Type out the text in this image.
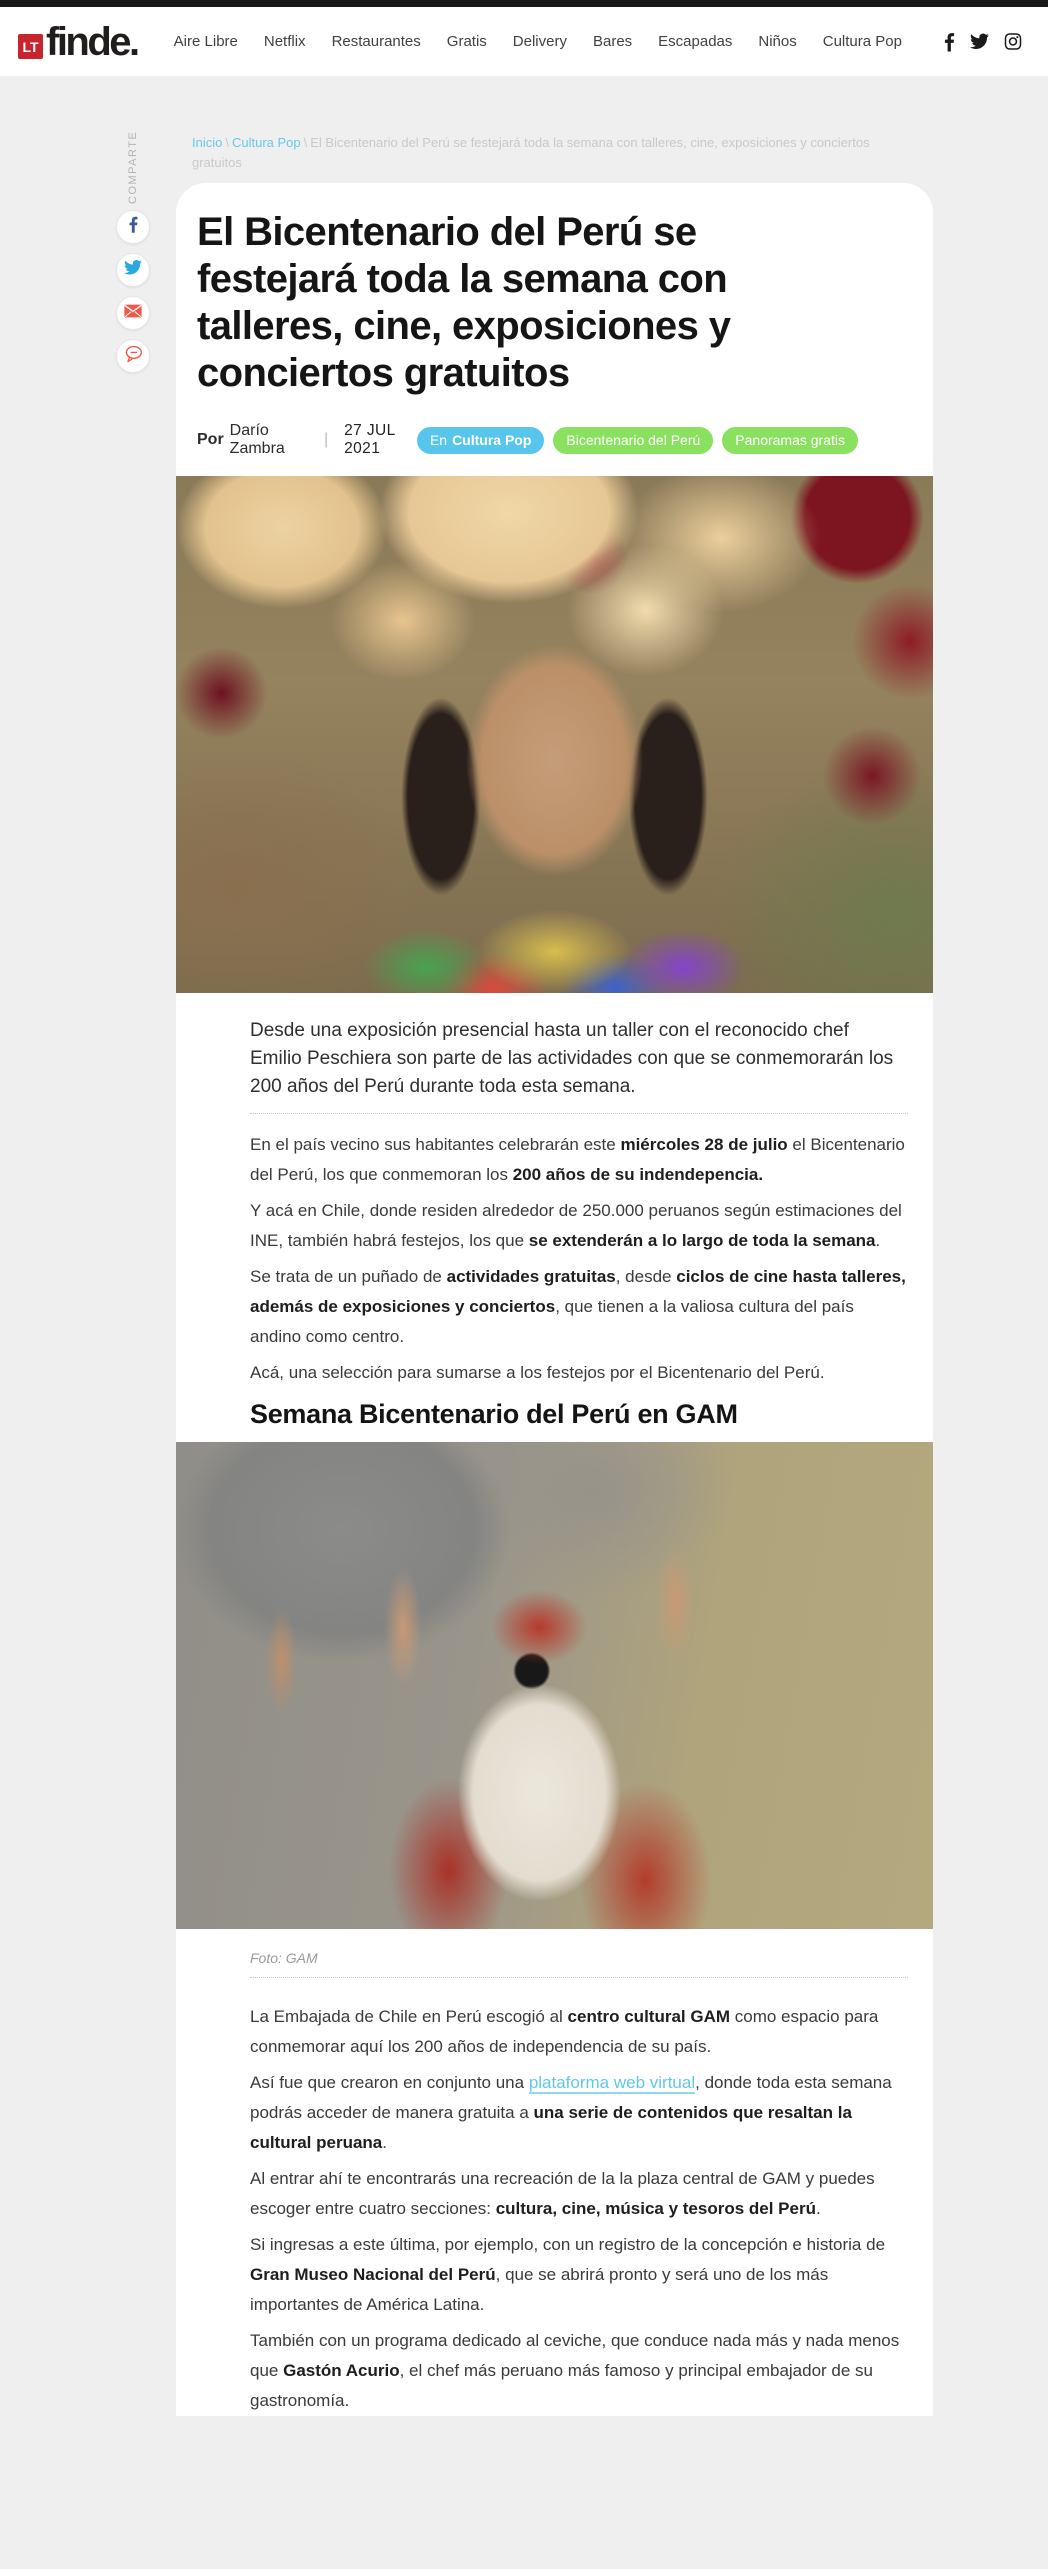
LT finde. Aire Libre Netflix Restaurantes Gratis Delivery Bares Escapadas Niños Cultura Pop
Inicio \ Cultura Pop \ El Bicentenario del Perú se festejará toda la semana con talleres, cine, exposiciones y conciertos gratuitos
COMPARTE
El Bicentenario del Perú se festejará toda la semana con talleres, cine, exposiciones y conciertos gratuitos
Por
Darío Zambra
|
27 JUL 2021	En Cultura Pop	Bicentenario del Perú	Panoramas gratis

Desde una exposición presencial hasta un taller con el reconocido chef Emilio Peschiera son parte de las actividades con que se conmemorarán los 200 años del Perú durante toda esta semana.

En el país vecino sus habitantes celebrarán este miércoles 28 de julio el Bicentenario del Perú, los que conmemoran los 200 años de su indendepencia.

Y acá en Chile, donde residen alrededor de 250.000 peruanos según estimaciones del INE, también habrá festejos, los que se extenderán a lo largo de toda la semana.

Se trata de un puñado de actividades gratuitas, desde ciclos de cine hasta talleres, además de exposiciones y conciertos, que tienen a la valiosa cultura del país andino como centro.

Acá, una selección para sumarse a los festejos por el Bicentenario del Perú.

Semana Bicentenario del Perú en GAM
Foto: GAM

La Embajada de Chile en Perú escogió al centro cultural GAM como espacio para conmemorar aquí los 200 años de independencia de su país.

Así fue que crearon en conjunto una plataforma web virtual, donde toda esta semana podrás acceder de manera gratuita a una serie de contenidos que resaltan la cultural peruana.

Al entrar ahí te encontrarás una recreación de la la plaza central de GAM y puedes escoger entre cuatro secciones: cultura, cine, música y tesoros del Perú.

Si ingresas a este última, por ejemplo, con un registro de la concepción e historia de Gran Museo Nacional del Perú, que se abrirá pronto y será uno de los más importantes de América Latina.

También con un programa dedicado al ceviche, que conduce nada más y nada menos que Gastón Acurio, el chef más peruano más famoso y principal embajador de su gastronomía.
